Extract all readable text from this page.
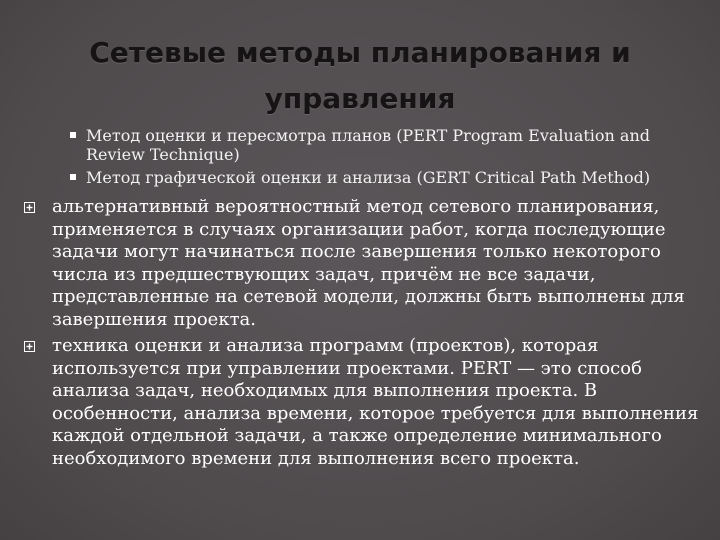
Сетевые методы планирования и управления
Метод оценки и пересмотра планов (PERT Program Evaluation and Review Technique)
Метод графической оценки и анализа (GERT Critical Path Method)
альтернативный вероятностный метод сетевого планирования, применяется в случаях организации работ, когда последующие задачи могут начинаться после завершения только некоторого числа из предшествующих задач, причём не все задачи, представленные на сетевой модели, должны быть выполнены для завершения проекта.
техника оценки и анализа программ (проектов), которая используется при управлении проектами. PERT — это способ анализа задач, необходимых для выполнения проекта. В особенности, анализа времени, которое требуется для выполнения каждой отдельной задачи, а также определение минимального необходимого времени для выполнения всего проекта.
